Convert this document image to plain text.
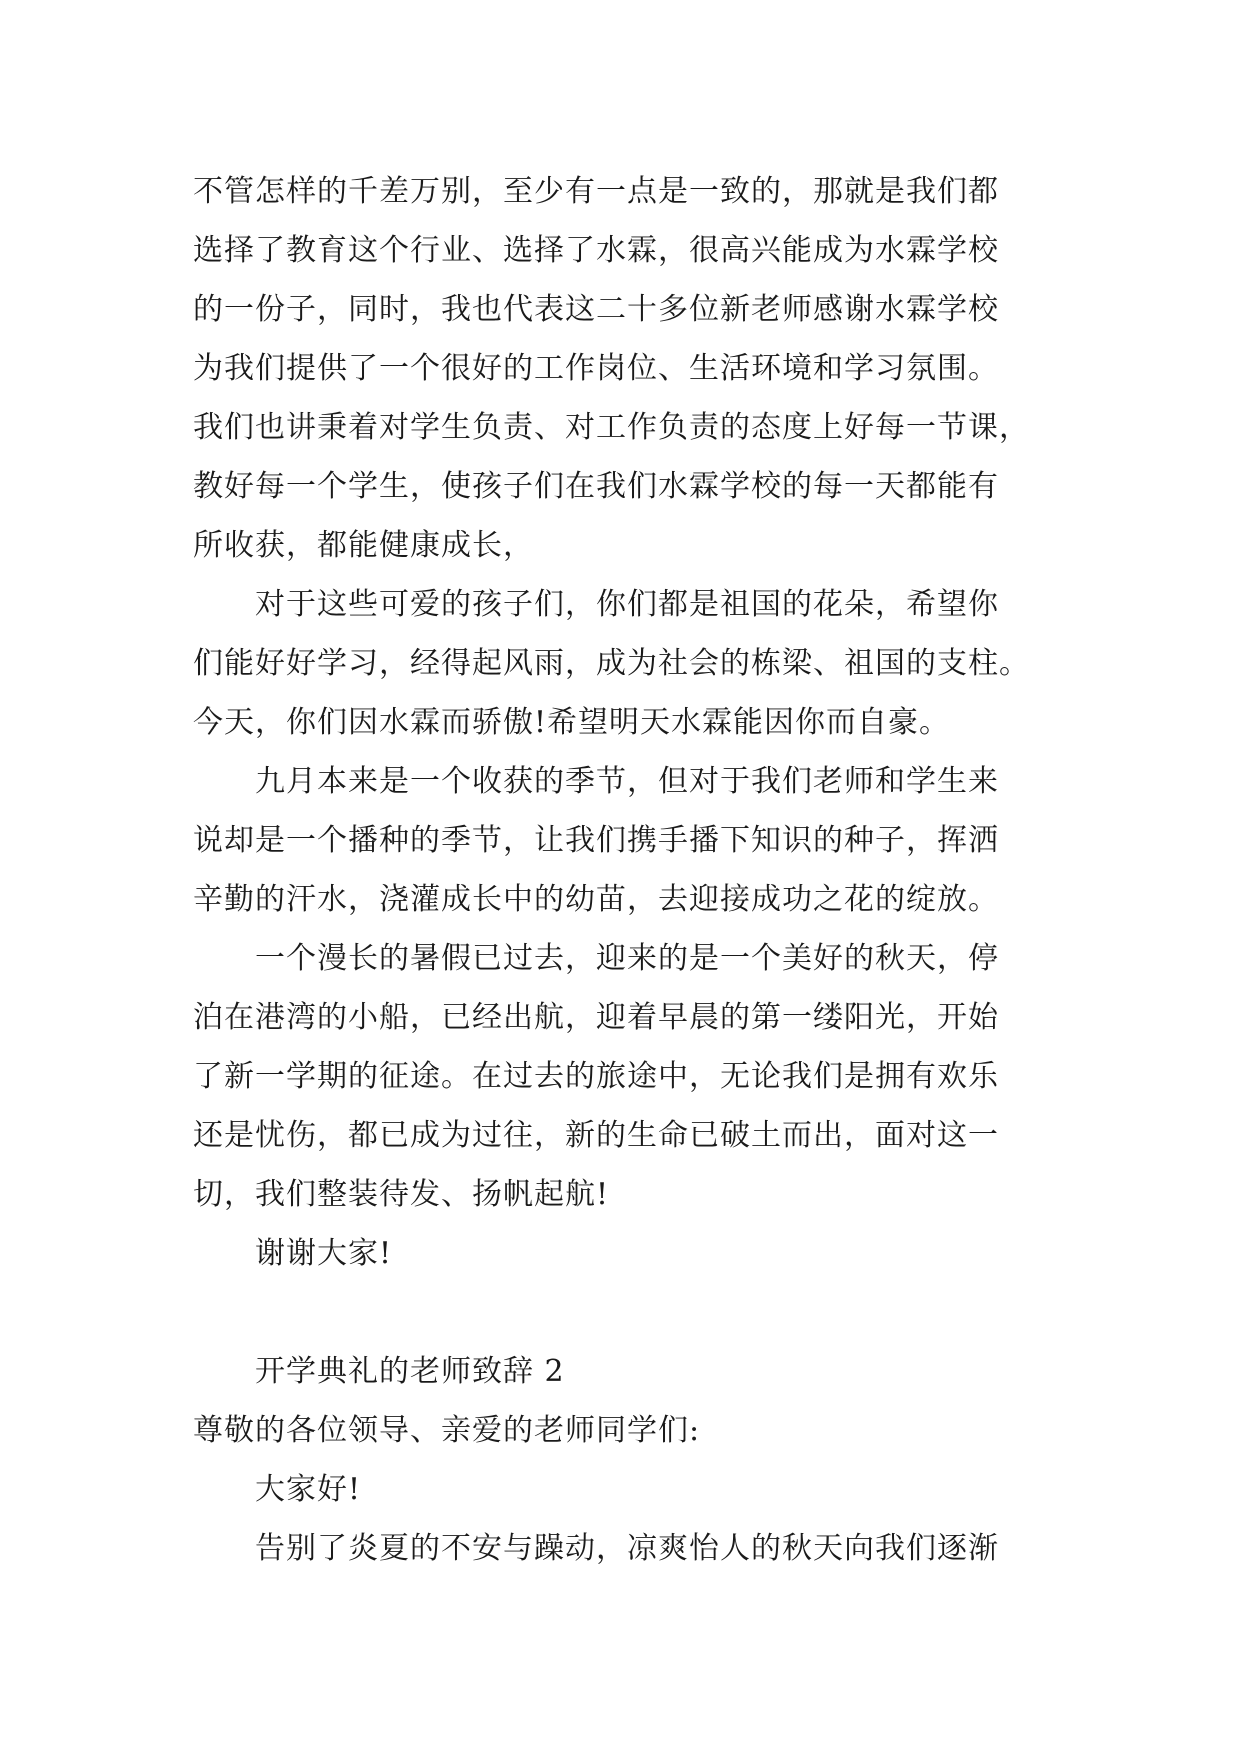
不管怎样的千差万别，至少有一点是一致的，那就是我们都
选择了教育这个行业、选择了水霖，很高兴能成为水霖学校
的一份子，同时，我也代表这二十多位新老师感谢水霖学校
为我们提供了一个很好的工作岗位、生活环境和学习氛围。
我们也讲秉着对学生负责、对工作负责的态度上好每一节课，
教好每一个学生，使孩子们在我们水霖学校的每一天都能有
所收获，都能健康成长，
对于这些可爱的孩子们，你们都是祖国的花朵，希望你
们能好好学习，经得起风雨，成为社会的栋梁、祖国的支柱。
今天，你们因水霖而骄傲!希望明天水霖能因你而自豪。
九月本来是一个收获的季节，但对于我们老师和学生来
说却是一个播种的季节，让我们携手播下知识的种子，挥洒
辛勤的汗水，浇灌成长中的幼苗，去迎接成功之花的绽放。
一个漫长的暑假已过去，迎来的是一个美好的秋天，停
泊在港湾的小船，已经出航，迎着早晨的第一缕阳光，开始
了新一学期的征途。在过去的旅途中，无论我们是拥有欢乐
还是忧伤，都已成为过往，新的生命已破土而出，面对这一
切，我们整装待发、扬帆起航!
谢谢大家!
开学典礼的老师致辞 2
尊敬的各位领导、亲爱的老师同学们:
大家好!
告别了炎夏的不安与躁动，凉爽怡人的秋天向我们逐渐
